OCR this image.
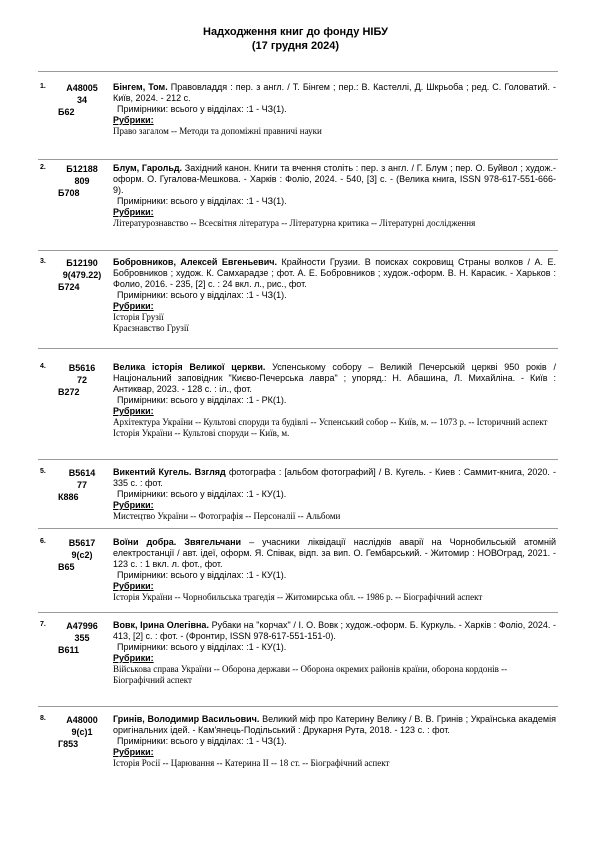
Надходження книг до фонду НІБУ
(17 грудня 2024)
1.	А48005
34
Б62
Бінгем, Том. Правовладдя : пер. з англ. / Т. Бінгем ; пер.: В. Кастеллі, Д. Шкрьоба ; ред. С. Головатий. - Київ, 2024. - 212 с.
Примірники: всього у відділах: :1 - ЧЗ(1).
Рубрики:
Право загалом -- Методи та допоміжні правничі науки
2.	Б12188
809
Б708
Блум, Гарольд. Західний канон. Книги та вчення століть : пер. з англ. / Г. Блум ; пер. О. Буйвол ; худож.-оформ. О. Гугалова-Мешкова. - Харків : Фоліо, 2024. - 540, [3] с. - (Велика книга, ISSN 978-617-551-666-9).
Примірники: всього у відділах: :1 - ЧЗ(1).
Рубрики:
Літературознавство -- Всесвітня література -- Літературна критика -- Літературні дослідження
3.	Б12190
9(479.22)
Б724
Бобровников, Алексей Евгеньевич. Крайности Грузии. В поисках сокровищ Страны волков / А. Е. Бобровников ; худож. К. Самхарадзе ; фот. А. Е. Бобровников ; худож.-оформ. В. Н. Карасик. - Харьков : Фолио, 2016. - 235, [2] с. : 24 вкл. л., рис., фот.
Примірники: всього у відділах: :1 - ЧЗ(1).
Рубрики:
Історія Грузії
Краєзнавство Грузії
4.	В5616
72
В272
Велика історія Великої церкви. Успенському собору – Великій Печерській церкві 950 років / Національний заповідник "Києво-Печерська лавра" ; упоряд.: Н. Абашина, Л. Михайліна. - Київ : Антиквар, 2023. - 128 с. : іл., фот.
Примірники: всього у відділах: :1 - РК(1).
Рубрики:
Архітектура України -- Культові споруди та будівлі -- Успенський собор -- Київ, м. -- 1073 р. -- Історичний аспект
Історія України -- Культові споруди -- Київ, м.
5.	В5614
77
К886
Викентий Кугель. Взгляд фотографа : [альбом фотографий] / В. Кугель. - Киев : Саммит-книга, 2020. - 335 с. : фот.
Примірники: всього у відділах: :1 - КУ(1).
Рубрики:
Мистецтво України -- Фотографія -- Персоналії -- Альбоми
6.	В5617
9(с2)
В65
Воїни добра. Звягельчани – учасники ліквідації наслідків аварії на Чорнобильській атомній електростанції / авт. ідеї, оформ. Я. Співак, відп. за вип. О. Гембарський. - Житомир : НОВОград, 2021. - 123 с. : 1 вкл. л. фот., фот.
Примірники: всього у відділах: :1 - КУ(1).
Рубрики:
Історія України -- Чорнобильська трагедія -- Житомирська обл. -- 1986 р. -- Біографічний аспект
7.	А47996
355
В611
Вовк, Ірина Олегівна. Рубаки на "корчах" / І. О. Вовк ; худож.-оформ. Б. Куркуль. - Харків : Фоліо, 2024. - 413, [2] с. : фот. - (Фронтир, ISSN 978-617-551-151-0).
Примірники: всього у відділах: :1 - КУ(1).
Рубрики:
Військова справа України -- Оборона держави -- Оборона окремих районів країни, оборона кордонів -- Біографічний аспект
8.	А48000
9(с)1
Г853
Гринів, Володимир Васильович. Великий міф про Катерину Велику / В. В. Гринів ; Українська академія оригінальних ідей. - Кам'янець-Подільський : Друкарня Рута, 2018. - 123 с. : фот.
Примірники: всього у відділах: :1 - ЧЗ(1).
Рубрики:
Історія Росії -- Царювання -- Катерина ІІ -- 18 ст. -- Біографічний аспект
